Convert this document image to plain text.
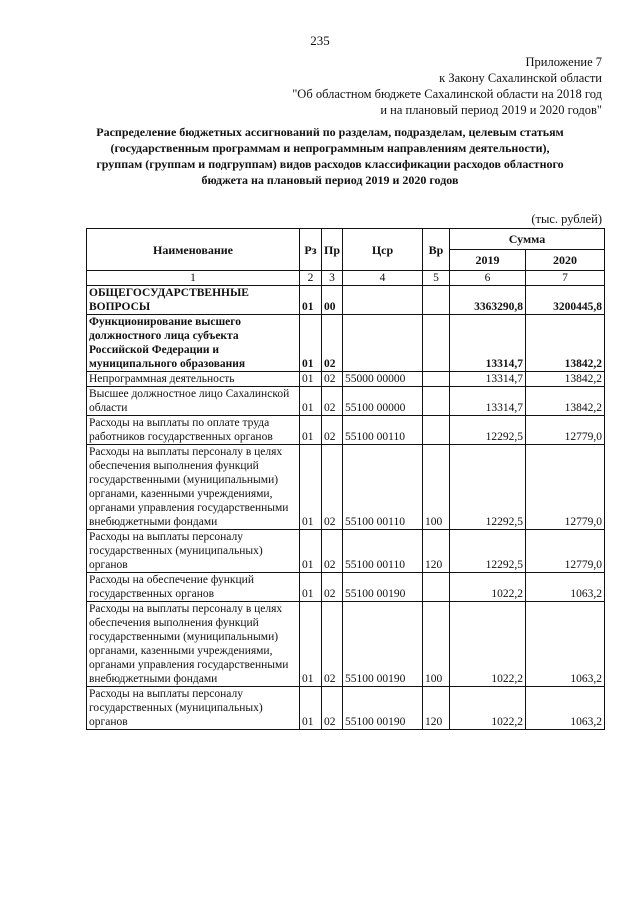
235
Приложение 7
к Закону Сахалинской области
"Об областном бюджете Сахалинской области на 2018 год
и на плановый период 2019 и 2020 годов"
Распределение бюджетных ассигнований по разделам, подразделам, целевым статьям
(государственным программам и непрограммным направлениям деятельности),
группам (группам и подгруппам) видов расходов классификации расходов областного
бюджета на плановый период 2019 и 2020 годов
(тыс. рублей)
Наименование	Рз	Пр	Цср	Вр	Сумма	
					2019	2020
1	2	3	4	5	6	7
ОБЩЕГОСУДАРСТВЕННЫЕ ВОПРОСЫ	01	00			3363290,8	3200445,8
Функционирование высшего должностного лица субъекта Российской Федерации и муниципального образования	01	02			13314,7	13842,2
Непрограммная деятельность	01	02	55000 00000		13314,7	13842,2
Высшее должностное лицо Сахалинской области	01	02	55100 00000		13314,7	13842,2
Расходы на выплаты по оплате труда работников государственных органов	01	02	55100 00110		12292,5	12779,0
Расходы на выплаты персоналу в целях обеспечения выполнения функций государственными (муниципальными) органами, казенными учреждениями, органами управления государственными внебюджетными фондами	01	02	55100 00110	100	12292,5	12779,0
Расходы на выплаты персоналу государственных (муниципальных) органов	01	02	55100 00110	120	12292,5	12779,0
Расходы на обеспечение функций государственных органов	01	02	55100 00190		1022,2	1063,2
Расходы на выплаты персоналу в целях обеспечения выполнения функций государственными (муниципальными) органами, казенными учреждениями, органами управления государственными внебюджетными фондами	01	02	55100 00190	100	1022,2	1063,2
Расходы на выплаты персоналу государственных (муниципальных) органов	01	02	55100 00190	120	1022,2	1063,2
